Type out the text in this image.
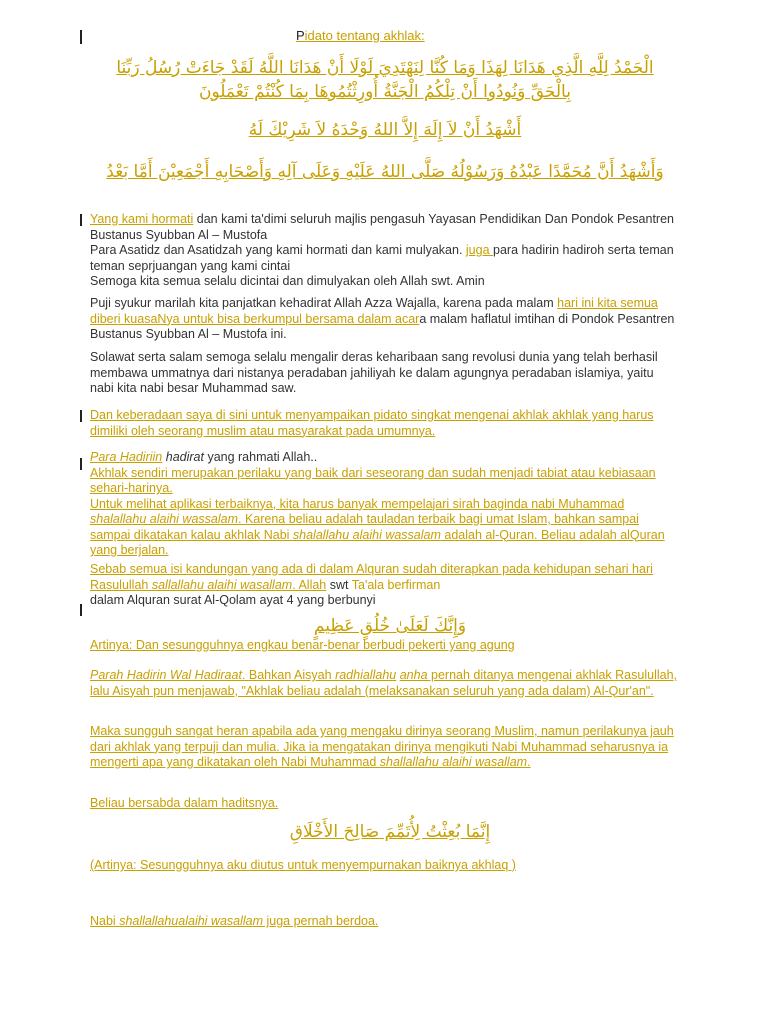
Pidato tentang akhlak:
الْحَمْدُ لِلَّهِ الَّذِي هَدَانَا لِهَذَا وَمَا كُنَّا لِنَهْتَدِيَ لَوْلَا أَنْ هَدَانَا اللَّهُ لَقَدْ جَاءَتْ رُسُلُ رَبِّنَا
بِالْحَقِّ وَنُودُوا أَنْ تِلْكُمُ الْجَنَّةُ أُورِثْتُمُوهَا بِمَا كُنْتُمْ تَعْمَلُونَ
أَشْهَدُ أَنْ لاَ إِلَهَ إِلاَّ اللهُ وَحْدَهُ لاَ شَرِيْكَ لَهُ
وَأَشْهَدُ أَنَّ مُحَمَّدًا عَبْدُهُ وَرَسُوْلُهُ صَلَّى اللهُ عَلَيْهِ وَعَلَى آلِهِ وَأَصْحَابِهِ أَجْمَعِيْنَ أَمَّا بَعْدُ

Yang kami hormati dan kami ta'dimi seluruh majlis pengasuh Yayasan Pendidikan Dan Pondok Pesantren Bustanus Syubban Al – Mustofa
Para Asatidz dan Asatidzah yang kami hormati dan kami mulyakan. juga para hadirin hadiroh serta teman teman seprjuangan yang kami cintai
Semoga kita semua selalu dicintai dan dimulyakan oleh Allah swt. Amin

Puji syukur marilah kita panjatkan kehadirat Allah Azza Wajalla, karena pada malam hari ini kita semua diberi kuasaNya untuk bisa berkumpul bersama dalam acara malam haflatul imtihan di Pondok Pesantren Bustanus Syubban Al – Mustofa ini.

Solawat serta salam semoga selalu mengalir deras keharibaan sang revolusi dunia yang telah berhasil membawa ummatnya dari nistanya peradaban jahiliyah ke dalam agungnya peradaban islamiya, yaitu nabi kita nabi besar Muhammad saw.

Dan keberadaan saya di sini untuk menyampaikan pidato singkat mengenai akhlak akhlak yang harus dimiliki oleh seorang muslim atau masyarakat pada umumnya.

Para Hadiriin hadirat yang rahmati Allah..
Akhlak sendiri merupakan perilaku yang baik dari seseorang dan sudah menjadi tabiat atau kebiasaan sehari-harinya.
Untuk melihat aplikasi terbaiknya, kita harus banyak mempelajari sirah baginda nabi Muhammad shalallahu alaihi wassalam. Karena beliau adalah tauladan terbaik bagi umat Islam, bahkan sampai sampai dikatakan kalau akhlak Nabi shalallahu alaihi wassalam adalah al-Quran. Beliau adalah alQuran yang berjalan.

Sebab semua isi kandungan yang ada di dalam Alquran sudah diterapkan pada kehidupan sehari hari Rasulullah sallallahu alaihi wasallam. Allah swt Ta'ala berfirman
dalam Alquran surat Al-Qolam ayat 4 yang berbunyi

وَإِنَّكَ لَعَلَىٰ خُلُقٍ عَظِيمٍ

Artinya: Dan sesungguhnya engkau benar-benar berbudi pekerti yang agung

Parah Hadirin Wal Hadiraat. Bahkan Aisyah radhiallahu anha pernah ditanya mengenai akhlak Rasulullah, lalu Aisyah pun menjawab, "Akhlak beliau adalah (melaksanakan seluruh yang ada dalam) Al-Qur'an".

Maka sungguh sangat heran apabila ada yang mengaku dirinya seorang Muslim, namun perilakunya jauh dari akhlak yang terpuji dan mulia. Jika ia mengatakan dirinya mengikuti Nabi Muhammad seharusnya ia mengerti apa yang dikatakan oleh Nabi Muhammad shallallahu alaihi wasallam.

Beliau bersabda dalam haditsnya.

إِنَّمَا بُعِثْتُ لِأُتَمِّمَ صَالِحَ الأَخْلَاقِ

(Artinya: Sesungguhnya aku diutus untuk menyempurnakan baiknya akhlaq )

Nabi shallallahualaihi wasallam juga pernah berdoa.
